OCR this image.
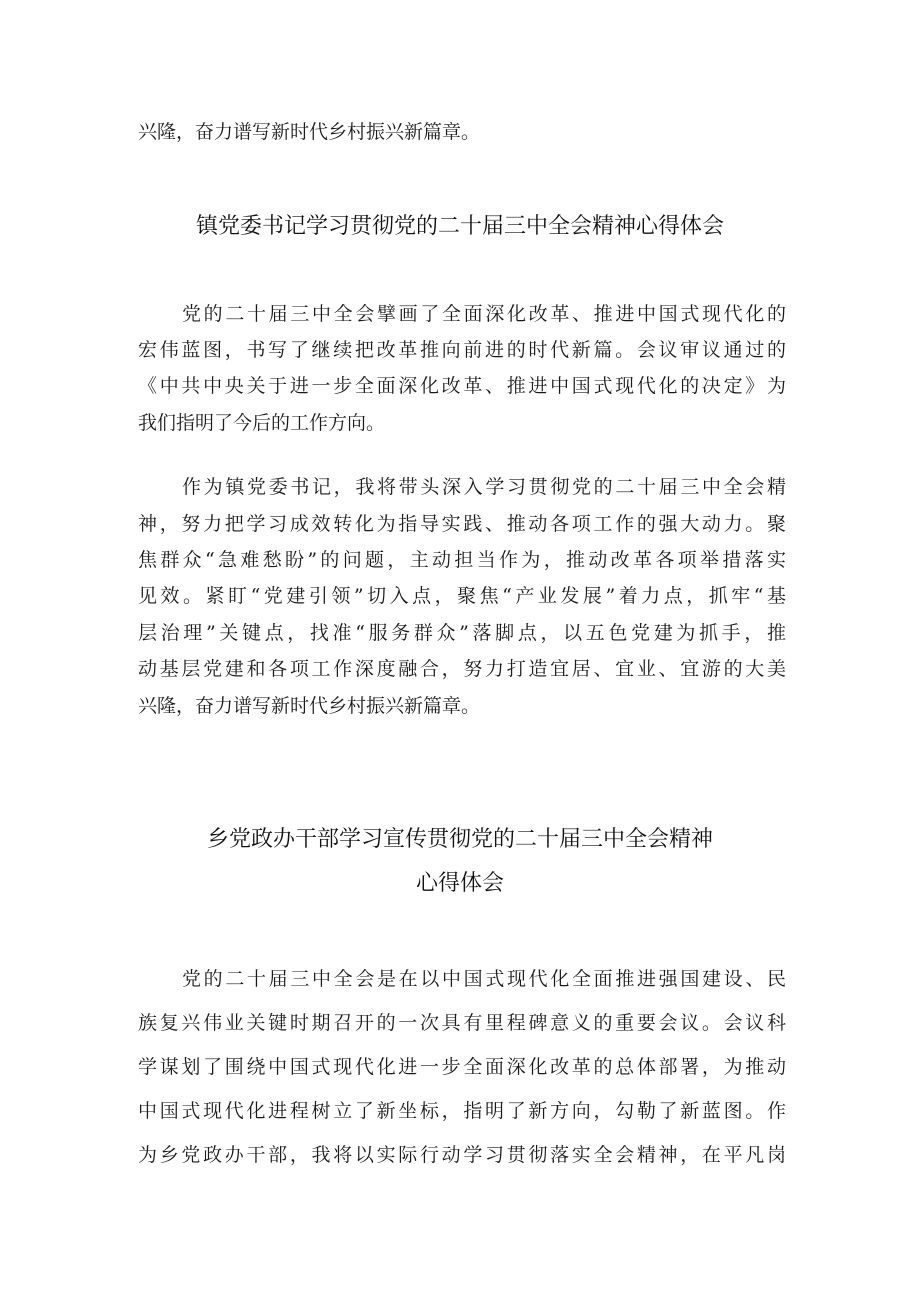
兴隆，奋力谱写新时代乡村振兴新篇章。
镇党委书记学习贯彻党的二十届三中全会精神心得体会
党的二十届三中全会擘画了全面深化改革、推进中国式现代化的
宏伟蓝图，书写了继续把改革推向前进的时代新篇。会议审议通过的
《中共中央关于进一步全面深化改革、推进中国式现代化的决定》为
我们指明了今后的工作方向。
作为镇党委书记，我将带头深入学习贯彻党的二十届三中全会精
神，努力把学习成效转化为指导实践、推动各项工作的强大动力。聚
焦群众“急难愁盼”的问题，主动担当作为，推动改革各项举措落实
见效。紧盯“党建引领”切入点，聚焦“产业发展”着力点，抓牢“基
层治理”关键点，找准“服务群众”落脚点，以五色党建为抓手，推
动基层党建和各项工作深度融合，努力打造宜居、宜业、宜游的大美
兴隆，奋力谱写新时代乡村振兴新篇章。
乡党政办干部学习宣传贯彻党的二十届三中全会精神
心得体会
党的二十届三中全会是在以中国式现代化全面推进强国建设、民
族复兴伟业关键时期召开的一次具有里程碑意义的重要会议。会议科
学谋划了围绕中国式现代化进一步全面深化改革的总体部署，为推动
中国式现代化进程树立了新坐标，指明了新方向，勾勒了新蓝图。作
为乡党政办干部，我将以实际行动学习贯彻落实全会精神，在平凡岗
